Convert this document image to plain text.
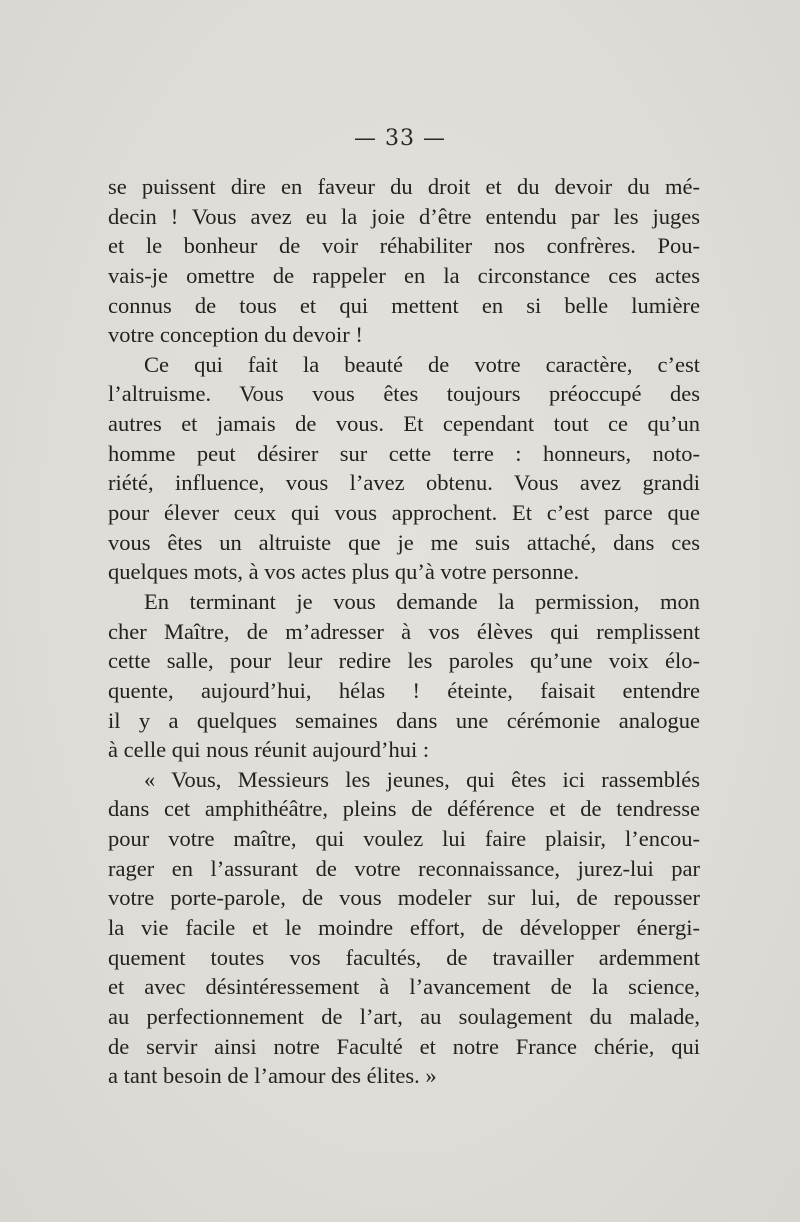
— 33 —
se puissent dire en faveur du droit et du devoir du mé-
decin ! Vous avez eu la joie d’être entendu par les juges
et le bonheur de voir réhabiliter nos confrères. Pou-
vais-je omettre de rappeler en la circonstance ces actes
connus de tous et qui mettent en si belle lumière
votre conception du devoir !
Ce qui fait la beauté de votre caractère, c’est
l’altruisme. Vous vous êtes toujours préoccupé des
autres et jamais de vous. Et cependant tout ce qu’un
homme peut désirer sur cette terre : honneurs, noto-
riété, influence, vous l’avez obtenu. Vous avez grandi
pour élever ceux qui vous approchent. Et c’est parce que
vous êtes un altruiste que je me suis attaché, dans ces
quelques mots, à vos actes plus qu’à votre personne.
En terminant je vous demande la permission, mon
cher Maître, de m’adresser à vos élèves qui remplissent
cette salle, pour leur redire les paroles qu’une voix élo-
quente, aujourd’hui, hélas ! éteinte, faisait entendre
il y a quelques semaines dans une cérémonie analogue
à celle qui nous réunit aujourd’hui :
« Vous, Messieurs les jeunes, qui êtes ici rassemblés
dans cet amphithéâtre, pleins de déférence et de tendresse
pour votre maître, qui voulez lui faire plaisir, l’encou-
rager en l’assurant de votre reconnaissance, jurez-lui par
votre porte-parole, de vous modeler sur lui, de repousser
la vie facile et le moindre effort, de développer énergi-
quement toutes vos facultés, de travailler ardemment
et avec désintéressement à l’avancement de la science,
au perfectionnement de l’art, au soulagement du malade,
de servir ainsi notre Faculté et notre France chérie, qui
a tant besoin de l’amour des élites. »
